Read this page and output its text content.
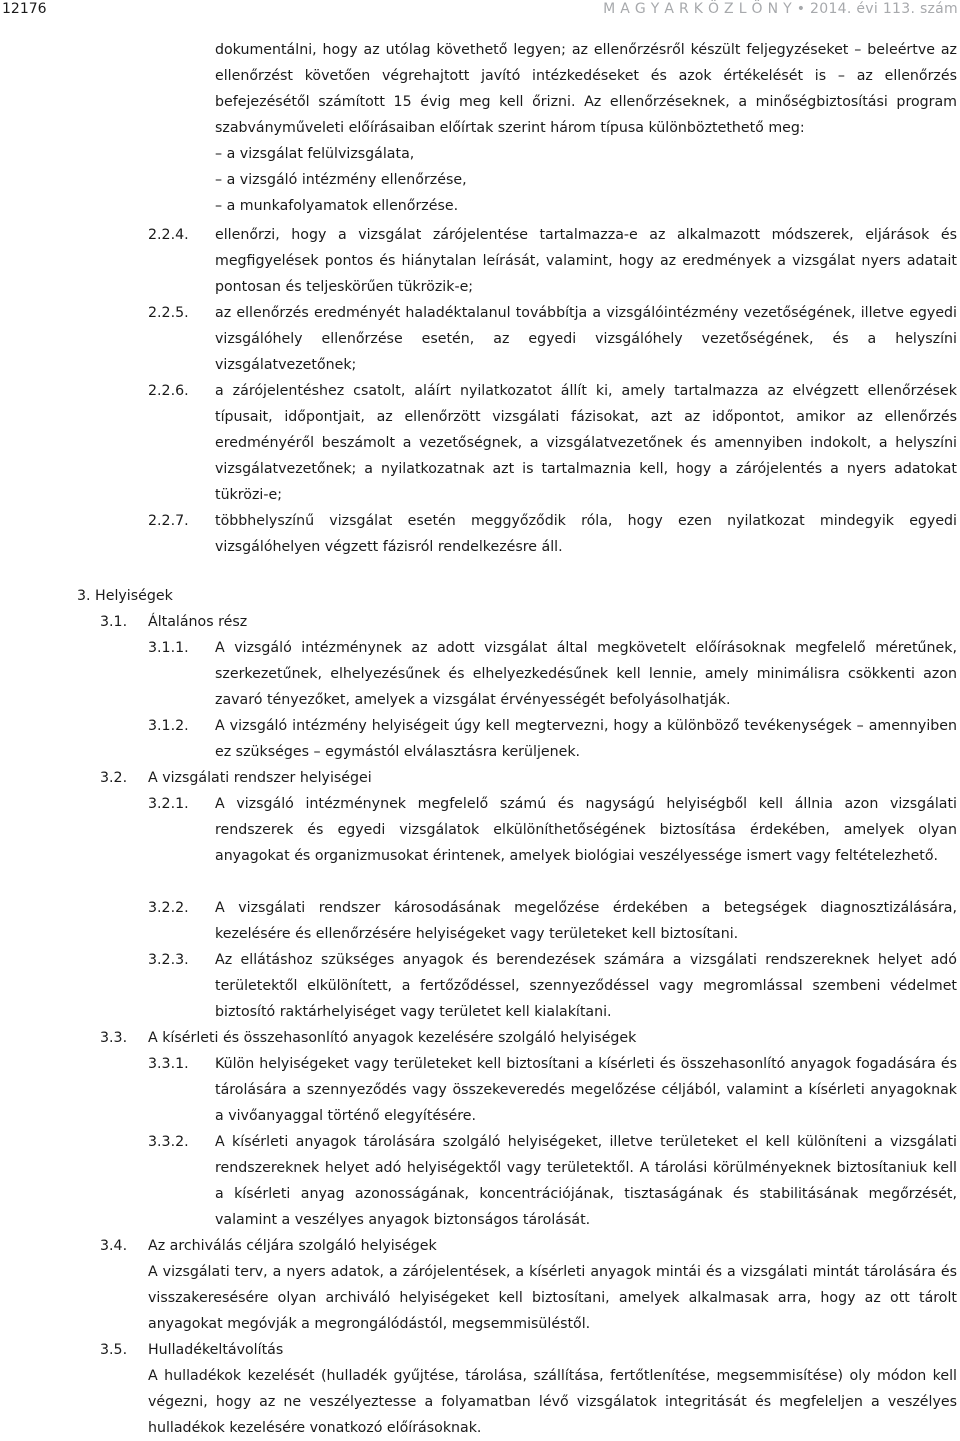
12176	M A G Y A R K Ö Z L Ö N Y • 2014. évi 113. szám

dokumentálni, hogy az utólag követhető legyen; az ellenőrzésről készült feljegyzéseket – beleértve az ellenőrzést követően végrehajtott javító intézkedéseket és azok értékelését is – az ellenőrzés befejezésétől számított 15 évig meg kell őrizni. Az ellenőrzéseknek, a minőségbiztosítási program szabványműveleti előírásaiban előírtak szerint három típusa különböztethető meg:

– a vizsgálat felülvizsgálata,

– a vizsgáló intézmény ellenőrzése,

– a munkafolyamatok ellenőrzése.

2.2.4. ellenőrzi, hogy a vizsgálat zárójelentése tartalmazza-e az alkalmazott módszerek, eljárások és megfigyelések pontos és hiánytalan leírását, valamint, hogy az eredmények a vizsgálat nyers adatait pontosan és teljeskörűen tükrözik-e;

2.2.5. az ellenőrzés eredményét haladéktalanul továbbítja a vizsgálóintézmény vezetőségének, illetve egyedi vizsgálóhely ellenőrzése esetén, az egyedi vizsgálóhely vezetőségének, és a helyszíni vizsgálatvezetőnek;

2.2.6. a zárójelentéshez csatolt, aláírt nyilatkozatot állít ki, amely tartalmazza az elvégzett ellenőrzések típusait, időpontjait, az ellenőrzött vizsgálati fázisokat, azt az időpontot, amikor az ellenőrzés eredményéről beszámolt a vezetőségnek, a vizsgálatvezetőnek és amennyiben indokolt, a helyszíni vizsgálatvezetőnek; a nyilatkozatnak azt is tartalmaznia kell, hogy a zárójelentés a nyers adatokat tükrözi-e;

2.2.7. többhelyszínű vizsgálat esetén meggyőződik róla, hogy ezen nyilatkozat mindegyik egyedi vizsgálóhelyen végzett fázisról rendelkezésre áll.

3. Helyiségek

3.1. Általános rész

3.1.1. A vizsgáló intézménynek az adott vizsgálat által megkövetelt előírásoknak megfelelő méretűnek, szerkezetűnek, elhelyezésűnek és elhelyezkedésűnek kell lennie, amely minimálisra csökkenti azon zavaró tényezőket, amelyek a vizsgálat érvényességét befolyásolhatják.

3.1.2. A vizsgáló intézmény helyiségeit úgy kell megtervezni, hogy a különböző tevékenységek – amennyiben ez szükséges – egymástól elválasztásra kerüljenek.

3.2. A vizsgálati rendszer helyiségei

3.2.1. A vizsgáló intézménynek megfelelő számú és nagyságú helyiségből kell állnia azon vizsgálati rendszerek és egyedi vizsgálatok elkülöníthetőségének biztosítása érdekében, amelyek olyan anyagokat és organizmusokat érintenek, amelyek biológiai veszélyessége ismert vagy feltételezhető.

3.2.2. A vizsgálati rendszer károsodásának megelőzése érdekében a betegségek diagnosztizálására, kezelésére és ellenőrzésére helyiségeket vagy területeket kell biztosítani.

3.2.3. Az ellátáshoz szükséges anyagok és berendezések számára a vizsgálati rendszereknek helyet adó területektől elkülönített, a fertőződéssel, szennyeződéssel vagy megromlással szembeni védelmet biztosító raktárhelyiséget vagy területet kell kialakítani.

3.3. A kísérleti és összehasonlító anyagok kezelésére szolgáló helyiségek

3.3.1. Külön helyiségeket vagy területeket kell biztosítani a kísérleti és összehasonlító anyagok fogadására és tárolására a szennyeződés vagy összekeveredés megelőzése céljából, valamint a kísérleti anyagoknak a vivőanyaggal történő elegyítésére.

3.3.2. A kísérleti anyagok tárolására szolgáló helyiségeket, illetve területeket el kell különíteni a vizsgálati rendszereknek helyet adó helyiségektől vagy területektől. A tárolási körülményeknek biztosítaniuk kell a kísérleti anyag azonosságának, koncentrációjának, tisztaságának és stabilitásának megőrzését, valamint a veszélyes anyagok biztonságos tárolását.

3.4. Az archiválás céljára szolgáló helyiségek

A vizsgálati terv, a nyers adatok, a zárójelentések, a kísérleti anyagok mintái és a vizsgálati mintát tárolására és visszakeresésére olyan archiváló helyiségeket kell biztosítani, amelyek alkalmasak arra, hogy az ott tárolt anyagokat megóvják a megrongálódástól, megsemmisüléstől.

3.5. Hulladékeltávolítás

A hulladékok kezelését (hulladék gyűjtése, tárolása, szállítása, fertőtlenítése, megsemmisítése) oly módon kell végezni, hogy az ne veszélyeztesse a folyamatban lévő vizsgálatok integritását és megfeleljen a veszélyes hulladékok kezelésére vonatkozó előírásoknak.
